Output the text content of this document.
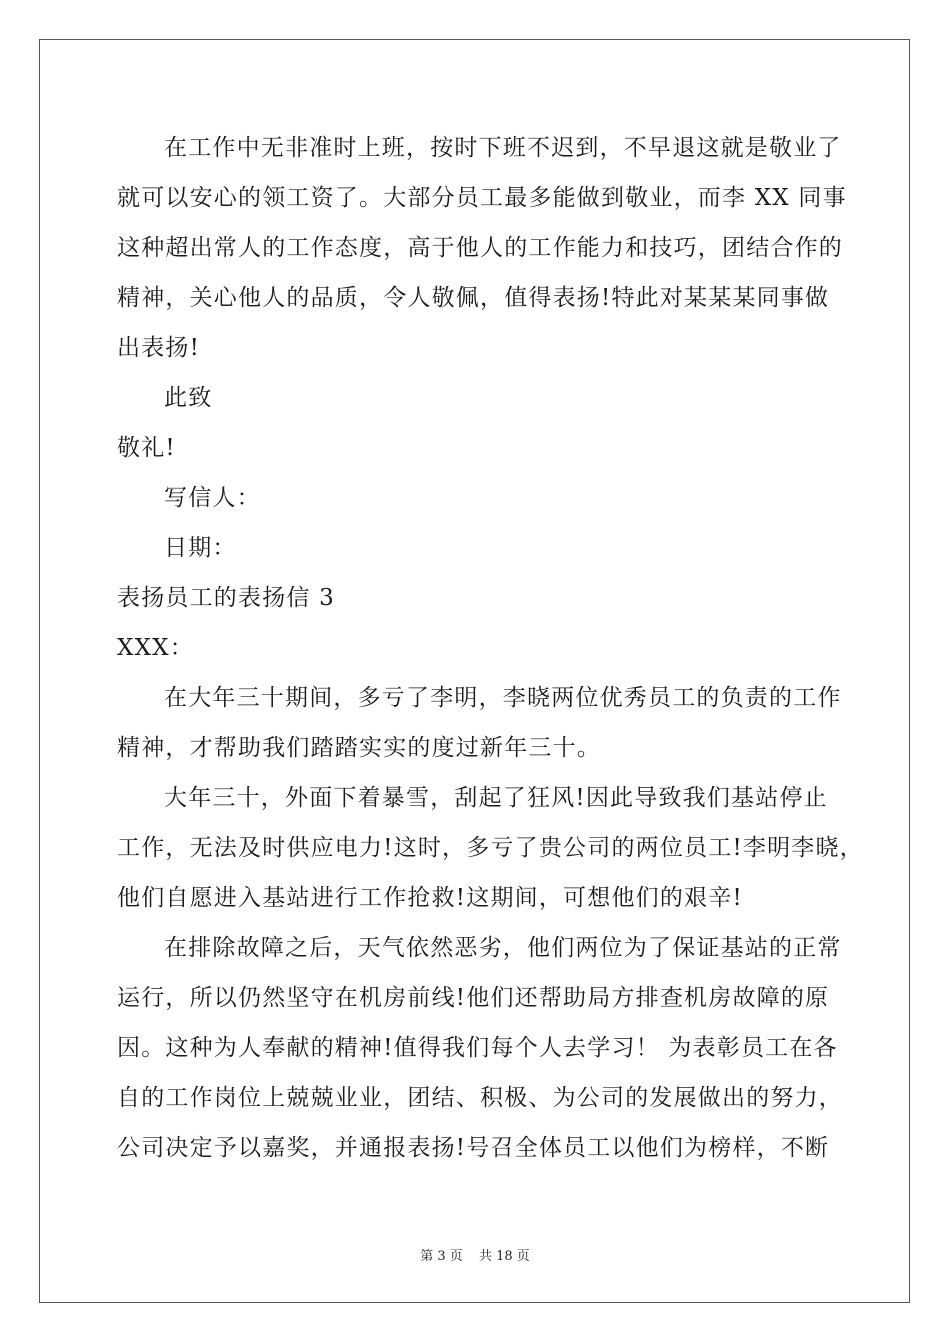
在工作中无非准时上班，按时下班不迟到，不早退这就是敬业了
就可以安心的领工资了。大部分员工最多能做到敬业，而李 XX 同事
这种超出常人的工作态度，高于他人的工作能力和技巧，团结合作的
精神，关心他人的品质，令人敬佩，值得表扬!特此对某某某同事做
出表扬!
此致
敬礼!
写信人：
日期：
表扬员工的表扬信 3
XXX：
在大年三十期间，多亏了李明，李晓两位优秀员工的负责的工作
精神，才帮助我们踏踏实实的度过新年三十。
大年三十，外面下着暴雪，刮起了狂风!因此导致我们基站停止
工作，无法及时供应电力!这时，多亏了贵公司的两位员工!李明李晓，
他们自愿进入基站进行工作抢救!这期间，可想他们的艰辛!
在排除故障之后，天气依然恶劣，他们两位为了保证基站的正常
运行，所以仍然坚守在机房前线!他们还帮助局方排查机房故障的原
因。这种为人奉献的精神!值得我们每个人去学习！ 为表彰员工在各
自的工作岗位上兢兢业业，团结、积极、为公司的发展做出的努力，
公司决定予以嘉奖，并通报表扬!号召全体员工以他们为榜样，不断
第 3 页 共 18 页
